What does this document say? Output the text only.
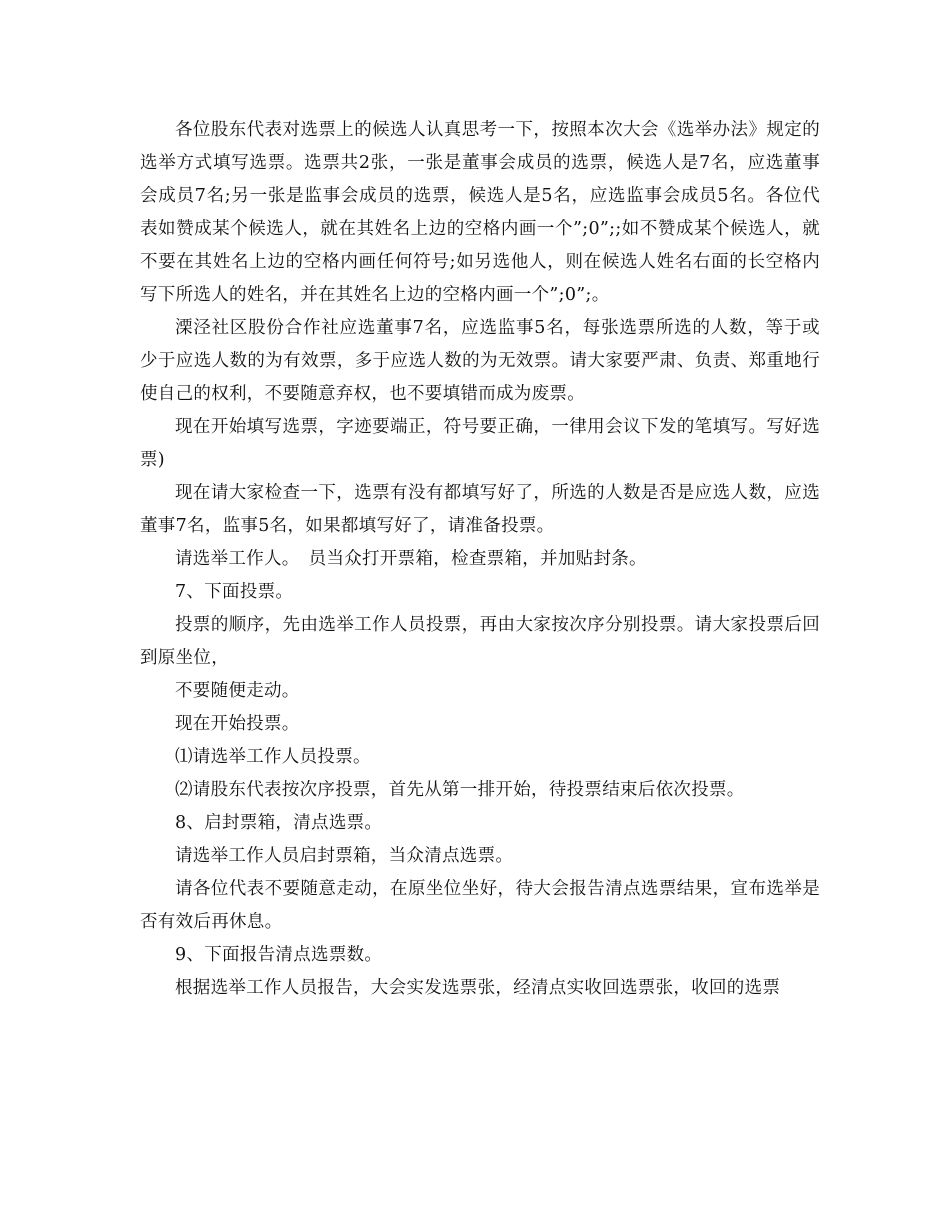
各位股东代表对选票上的候选人认真思考一下，按照本次大会《选举办法》规定的选举方式填写选票。选票共2张，一张是董事会成员的选票，候选人是7名，应选董事会成员7名;另一张是监事会成员的选票，候选人是5名，应选监事会成员5名。各位代表如赞成某个候选人，就在其姓名上边的空格内画一个”;0”;;如不赞成某个候选人，就不要在其姓名上边的空格内画任何符号;如另选他人，则在候选人姓名右面的长空格内写下所选人的姓名，并在其姓名上边的空格内画一个”;0”;。

溧泾社区股份合作社应选董事7名，应选监事5名，每张选票所选的人数，等于或少于应选人数的为有效票，多于应选人数的为无效票。请大家要严肃、负责、郑重地行使自己的权利，不要随意弃权，也不要填错而成为废票。

现在开始填写选票，字迹要端正，符号要正确，一律用会议下发的笔填写。写好选票)

现在请大家检查一下，选票有没有都填写好了，所选的人数是否是应选人数，应选董事7名，监事5名，如果都填写好了，请准备投票。

请选举工作人。　员当众打开票箱，检查票箱，并加贴封条。

7、下面投票。

投票的顺序，先由选举工作人员投票，再由大家按次序分别投票。请大家投票后回到原坐位，

不要随便走动。

现在开始投票。

⑴请选举工作人员投票。

⑵请股东代表按次序投票，首先从第一排开始，待投票结束后依次投票。

8、启封票箱，清点选票。

请选举工作人员启封票箱，当众清点选票。

请各位代表不要随意走动，在原坐位坐好，待大会报告清点选票结果，宣布选举是否有效后再休息。

9、下面报告清点选票数。

根据选举工作人员报告，大会实发选票张，经清点实收回选票张，收回的选票
